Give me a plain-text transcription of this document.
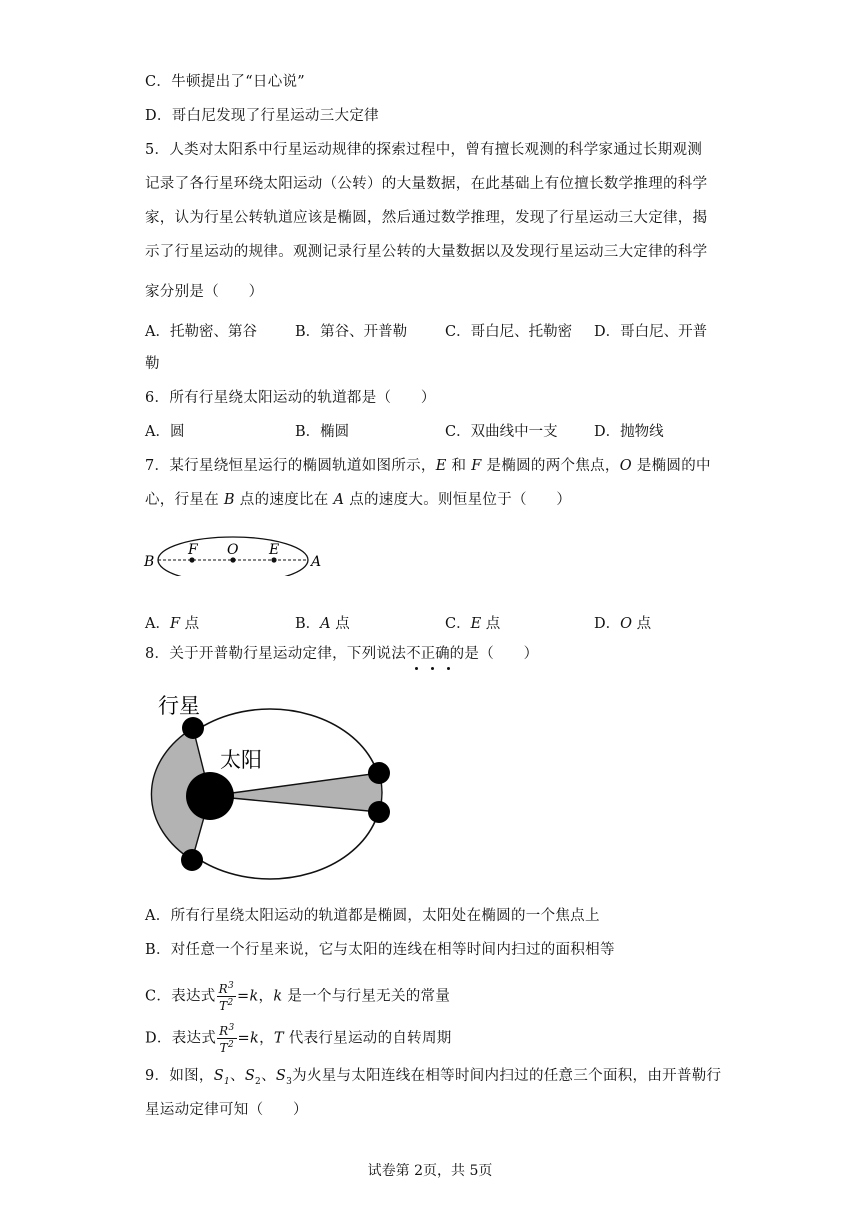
C．牛顿提出了“日心说”
D．哥白尼发现了行星运动三大定律
5．人类对太阳系中行星运动规律的探索过程中，曾有擅长观测的科学家通过长期观测
记录了各行星环绕太阳运动（公转）的大量数据，在此基础上有位擅长数学推理的科学
家，认为行星公转轨道应该是椭圆，然后通过数学推理，发现了行星运动三大定律，揭
示了行星运动的规律。观测记录行星公转的大量数据以及发现行星运动三大定律的科学
家分别是（　　）
A．托勒密、第谷	B．第谷、开普勒	C．哥白尼、托勒密 D．哥白尼、开普
勒
6．所有行星绕太阳运动的轨道都是（　　）
A．圆	B．椭圆	C．双曲线中一支	D．抛物线
7．某行星绕恒星运行的椭圆轨道如图所示，E 和 F 是椭圆的两个焦点，O 是椭圆的中
心，行星在 B 点的速度比在 A 点的速度大。则恒星位于（　　）
B
F O E
A
A．F 点	B．A 点	C．E 点	D．O 点
8．关于开普勒行星运动定律，下列说法不正确的是（　　）
行星
太阳
A．所有行星绕太阳运动的轨道都是椭圆，太阳处在椭圆的一个焦点上
B．对任意一个行星来说，它与太阳的连线在相等时间内扫过的面积相等
C．表达式 $\frac{R^3}{T^2} =k$，k 是一个与行星无关的常量
D．表达式 $\frac{R^3}{T^2} =k$，T 代表行星运动的自转周期
9．如图，$S_1$、$S_2$、$S_3$为火星与太阳连线在相等时间内扫过的任意三个面积，由开普勒行
星运动定律可知（　　）
试卷第 2页，共 5页
